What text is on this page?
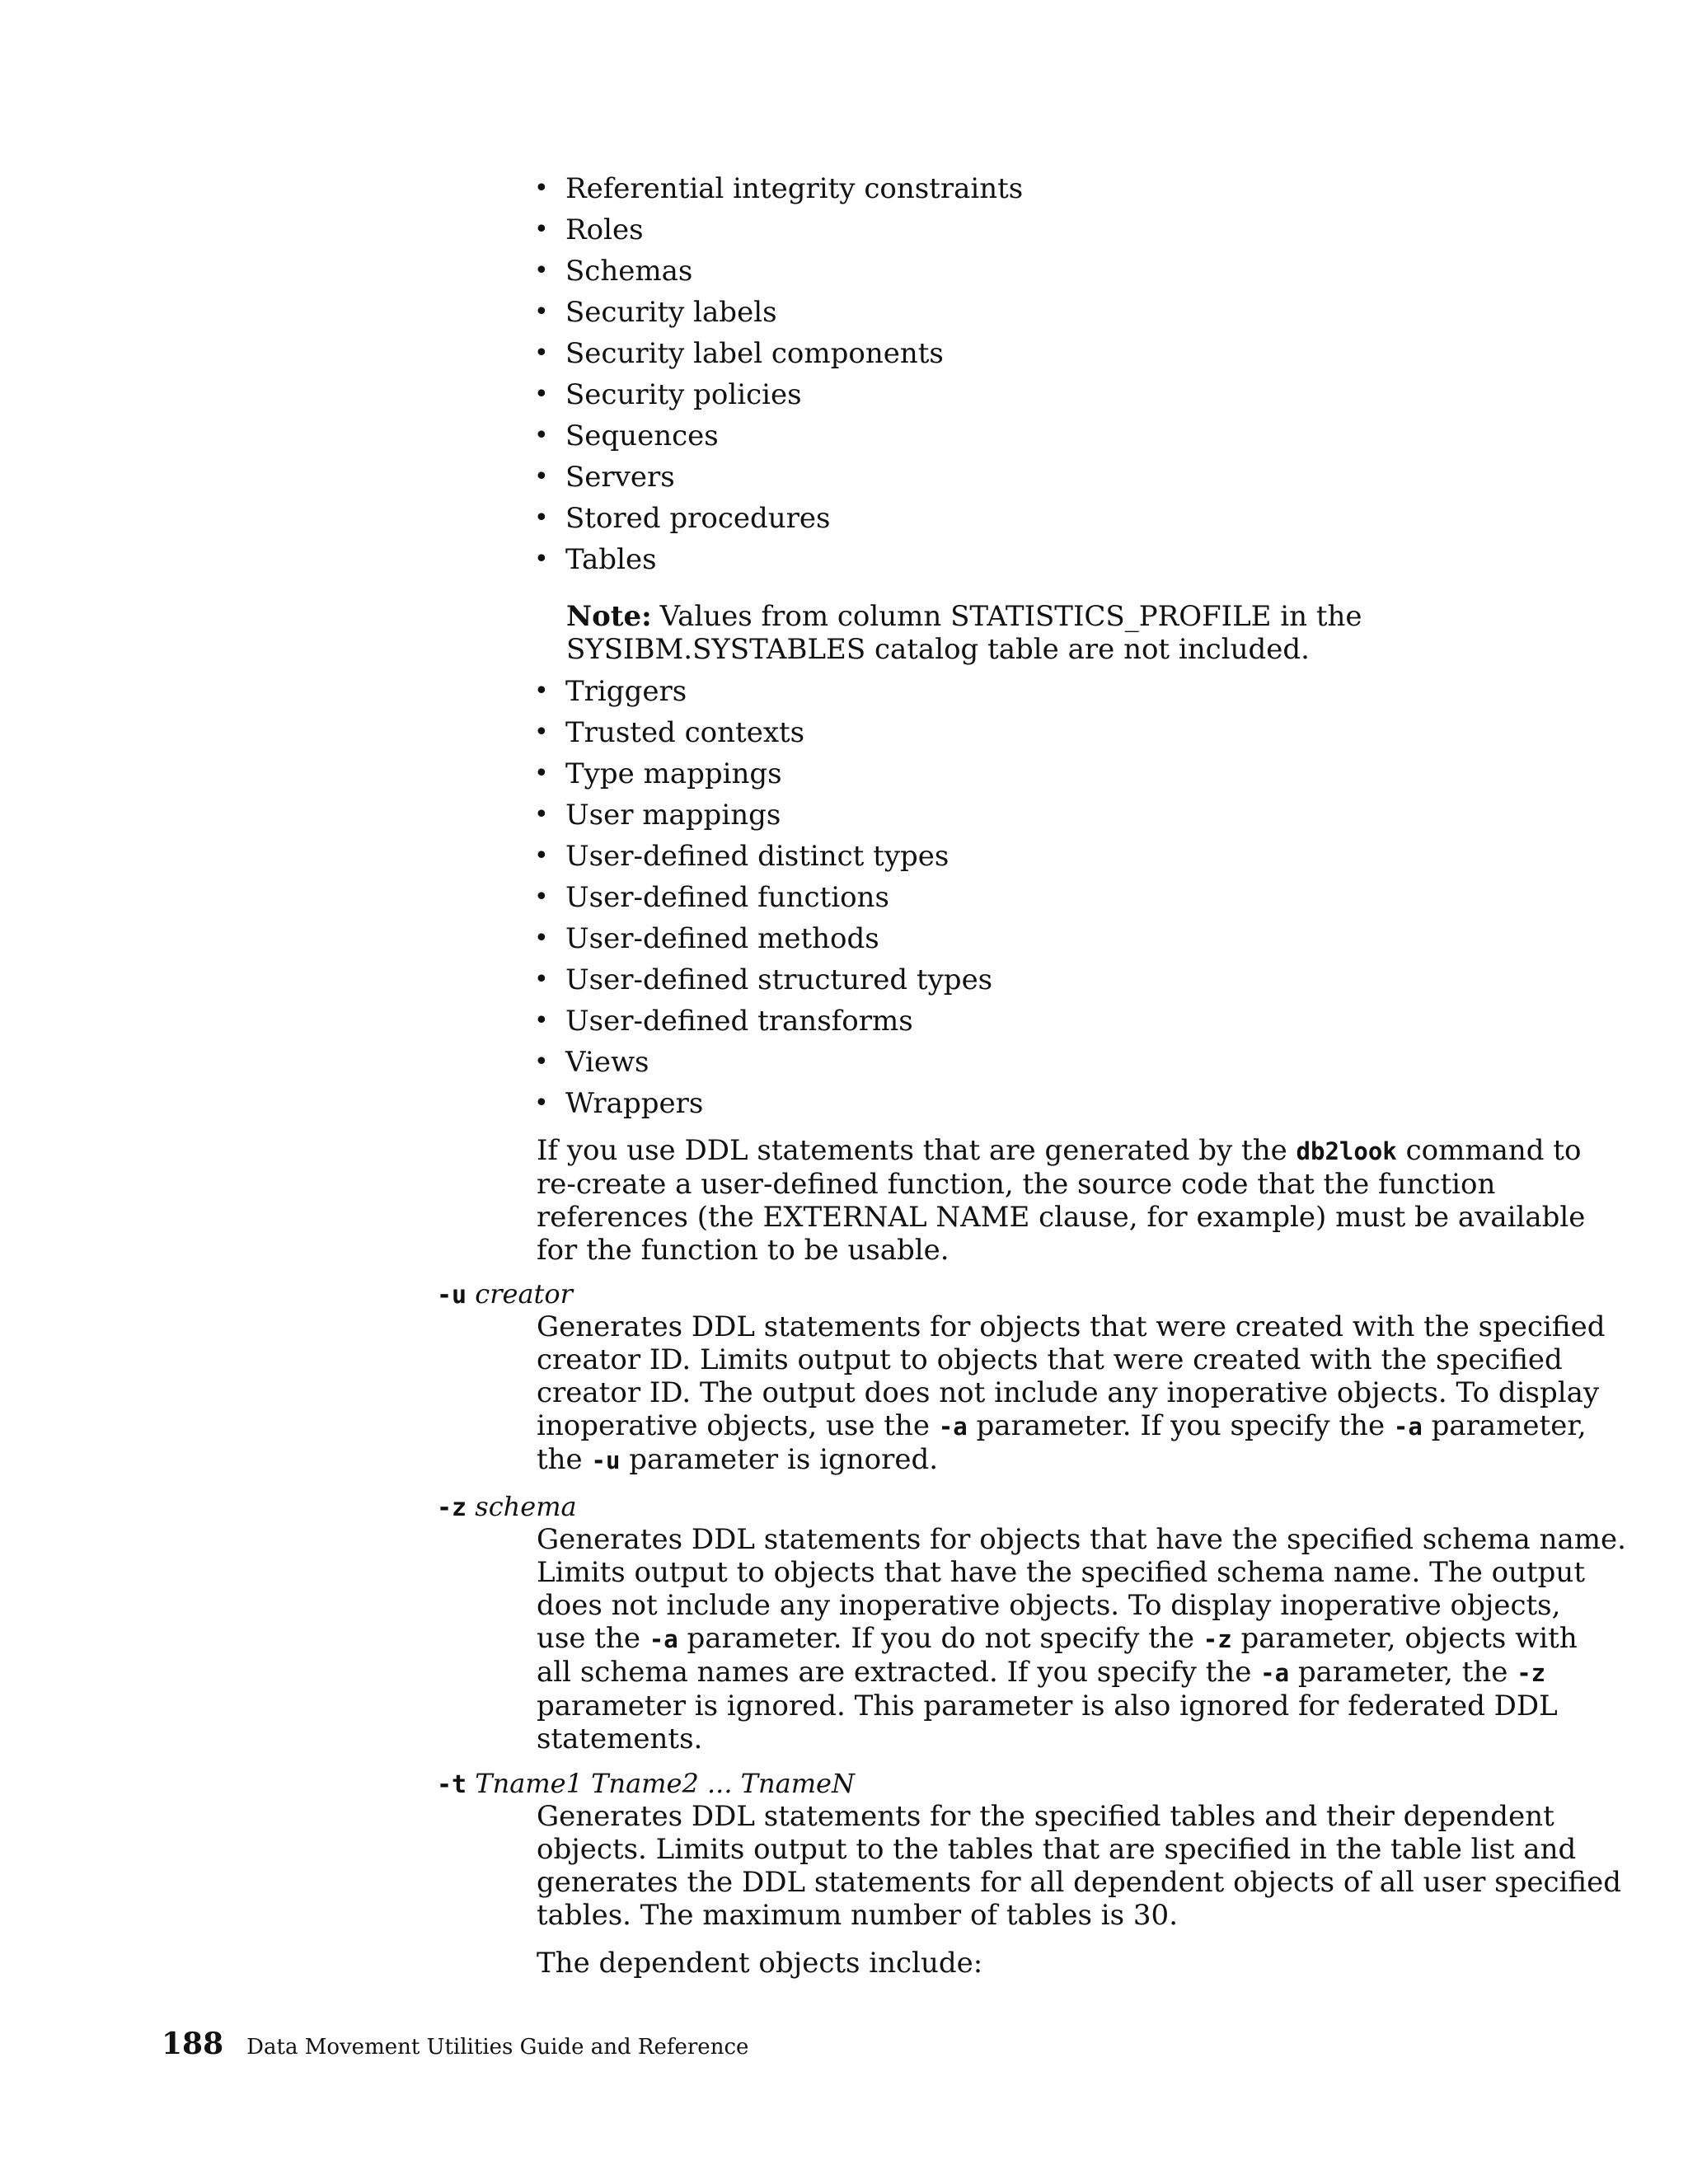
• Referential integrity constraints
• Roles
• Schemas
• Security labels
• Security label components
• Security policies
• Sequences
• Servers
• Stored procedures
• Tables
Note: Values from column STATISTICS_PROFILE in the
SYSIBM.SYSTABLES catalog table are not included.
• Triggers
• Trusted contexts
• Type mappings
• User mappings
• User-defined distinct types
• User-defined functions
• User-defined methods
• User-defined structured types
• User-defined transforms
• Views
• Wrappers
If you use DDL statements that are generated by the db2look command to
re-create a user-defined function, the source code that the function
references (the EXTERNAL NAME clause, for example) must be available
for the function to be usable.
-u creator
Generates DDL statements for objects that were created with the specified
creator ID. Limits output to objects that were created with the specified
creator ID. The output does not include any inoperative objects. To display
inoperative objects, use the -a parameter. If you specify the -a parameter,
the -u parameter is ignored.
-z schema
Generates DDL statements for objects that have the specified schema name.
Limits output to objects that have the specified schema name. The output
does not include any inoperative objects. To display inoperative objects,
use the -a parameter. If you do not specify the -z parameter, objects with
all schema names are extracted. If you specify the -a parameter, the -z
parameter is ignored. This parameter is also ignored for federated DDL
statements.
-t Tname1 Tname2 ... TnameN
Generates DDL statements for the specified tables and their dependent
objects. Limits output to the tables that are specified in the table list and
generates the DDL statements for all dependent objects of all user specified
tables. The maximum number of tables is 30.
The dependent objects include:
188 Data Movement Utilities Guide and Reference
